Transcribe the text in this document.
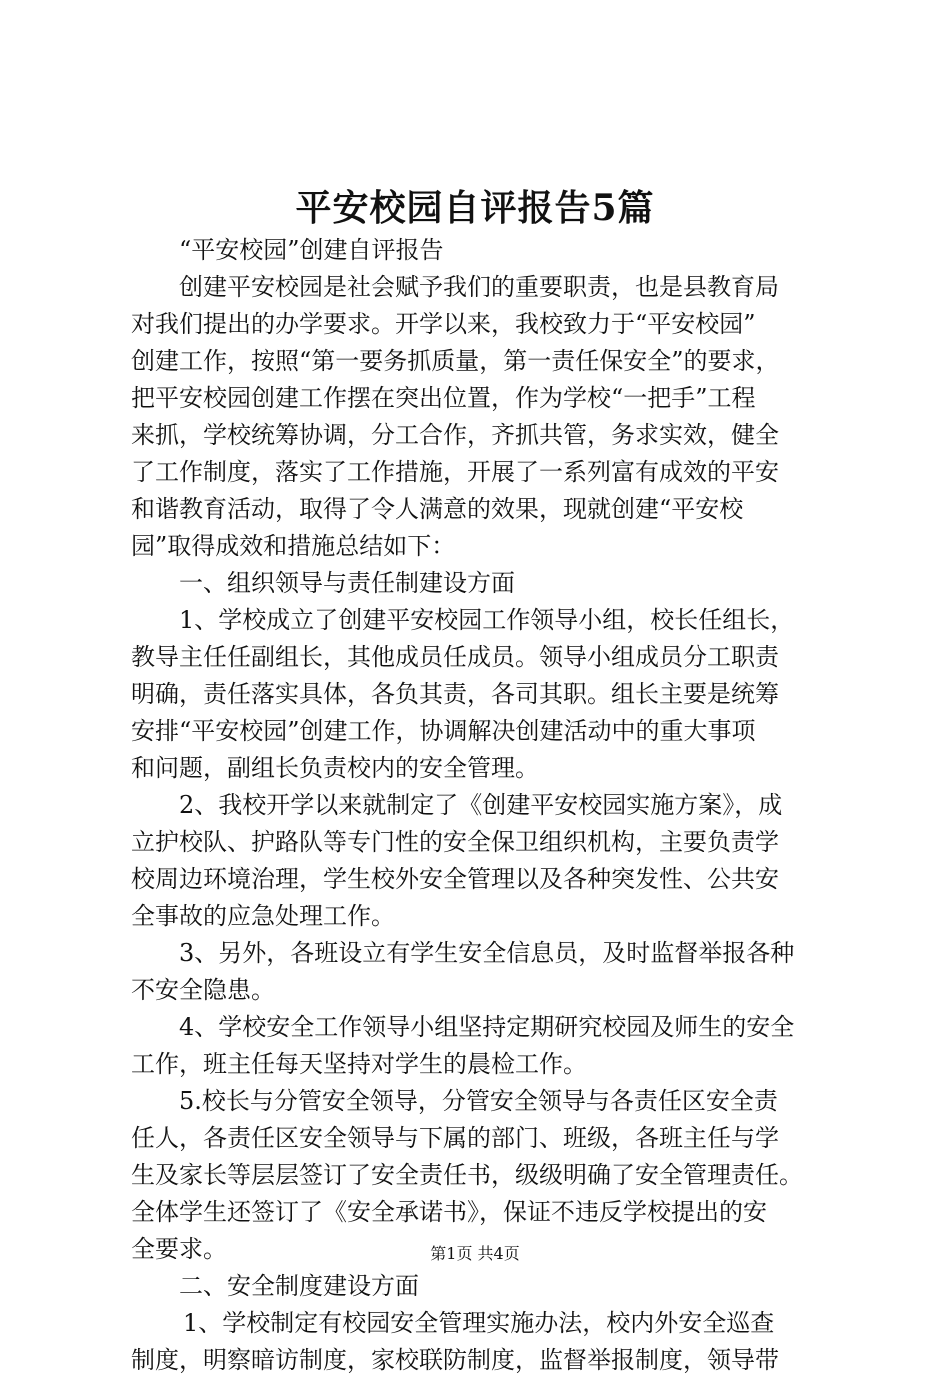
平安校园自评报告5篇
“平安校园”创建自评报告
创建平安校园是社会赋予我们的重要职责，也是县教育局
对我们提出的办学要求。开学以来，我校致力于“平安校园”
创建工作，按照“第一要务抓质量，第一责任保安全”的要求，
把平安校园创建工作摆在突出位置，作为学校“一把手”工程
来抓，学校统筹协调，分工合作，齐抓共管，务求实效，健全
了工作制度，落实了工作措施，开展了一系列富有成效的平安
和谐教育活动，取得了令人满意的效果，现就创建“平安校
园”取得成效和措施总结如下：
一、组织领导与责任制建设方面
1、学校成立了创建平安校园工作领导小组，校长任组长，
教导主任任副组长，其他成员任成员。领导小组成员分工职责
明确，责任落实具体，各负其责，各司其职。组长主要是统筹
安排“平安校园”创建工作，协调解决创建活动中的重大事项
和问题，副组长负责校内的安全管理。
2、我校开学以来就制定了《创建平安校园实施方案》，成
立护校队、护路队等专门性的安全保卫组织机构，主要负责学
校周边环境治理，学生校外安全管理以及各种突发性、公共安
全事故的应急处理工作。
3、另外，各班设立有学生安全信息员，及时监督举报各种
不安全隐患。
4、学校安全工作领导小组坚持定期研究校园及师生的安全
工作，班主任每天坚持对学生的晨检工作。
5.校长与分管安全领导，分管安全领导与各责任区安全责
任人，各责任区安全领导与下属的部门、班级，各班主任与学
生及家长等层层签订了安全责任书，级级明确了安全管理责任。
全体学生还签订了《安全承诺书》，保证不违反学校提出的安
全要求。
二、安全制度建设方面
1、学校制定有校园安全管理实施办法，校内外安全巡查
制度，明察暗访制度，家校联防制度，监督举报制度，领导带
第1页 共4页
